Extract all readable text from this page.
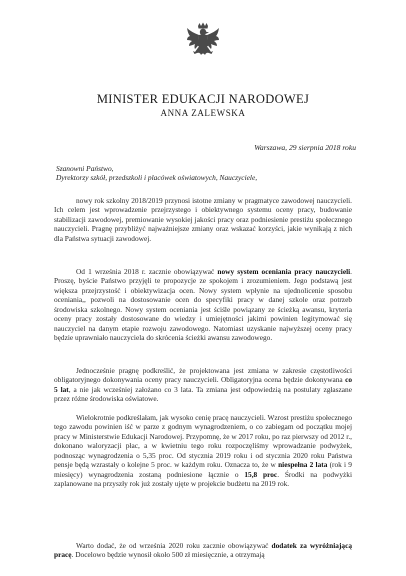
MINISTER EDUKACJI NARODOWEJ
ANNA ZALEWSKA
Warszawa, 29 sierpnia 2018 roku
Szanowni Państwo,
Dyrektorzy szkół, przedszkoli i placówek oświatowych, Nauczyciele,

nowy rok szkolny 2018/2019 przynosi istotne zmiany w pragmatyce zawodowej nauczycieli. Ich celem jest wprowadzenie przejrzystego i obiektywnego systemu oceny pracy, budowanie stabilizacji zawodowej, premiowanie wysokiej jakości pracy oraz podniesienie prestiżu społecznego nauczycieli. Pragnę przybliżyć najważniejsze zmiany oraz wskazać korzyści, jakie wynikają z nich dla Państwa sytuacji zawodowej.

Od 1 września 2018 r. zacznie obowiązywać nowy system oceniania pracy nauczycieli. Proszę, byście Państwo przyjęli te propozycje ze spokojem i zrozumieniem. Jego podstawą jest większa przejrzystość i obiektywizacja ocen. Nowy system wpłynie na ujednolicenie sposobu oceniania,, pozwoli na dostosowanie ocen do specyfiki pracy w danej szkole oraz potrzeb środowiska szkolnego. Nowy system oceniania jest ściśle powiązany ze ścieżką awansu, kryteria oceny pracy zostały dostosowane do wiedzy i umiejętności jakimi powinien legitymować się nauczyciel na danym etapie rozwoju zawodowego. Natomiast uzyskanie najwyższej oceny pracy będzie uprawniało nauczyciela do skrócenia ścieżki awansu zawodowego.

Jednocześnie pragnę podkreślić, że projektowana jest zmiana w zakresie częstotliwości obligatoryjnego dokonywania oceny pracy nauczycieli. Obligatoryjna ocena będzie dokonywana co 5 lat, a nie jak wcześniej założano co 3 lata. Ta zmiana jest odpowiedzią na postulaty zgłaszane przez różne środowiska oświatowe.

Wielokrotnie podkreślałam, jak wysoko cenię pracę nauczycieli. Wzrost prestiżu społecznego tego zawodu powinien iść w parze z godnym wynagrodzeniem, o co zabiegam od początku mojej pracy w Ministerstwie Edukacji Narodowej. Przypomnę, że w 2017 roku, po raz pierwszy od 2012 r., dokonano waloryzacji płac, a w kwietniu tego roku rozpoczęliśmy wprowadzanie podwyżek, podnosząc wynagrodzenia o 5,35 proc. Od stycznia 2019 roku i od stycznia 2020 roku Państwa pensje będą wzrastały o kolejne 5 proc. w każdym roku. Oznacza to, że w niespełna 2 lata (rok i 9 miesięcy) wynagrodzenia zostaną podniesione łącznie o 15,8 proc. Środki na podwyżki zaplanowane na przyszły rok już zostały ujęte w projekcie budżetu na 2019 rok.

Warto dodać, że od września 2020 roku zacznie obowiązywać dodatek za wyróżniającą pracę. Docelowo będzie wynosił około 500 zł miesięcznie, a otrzymają
